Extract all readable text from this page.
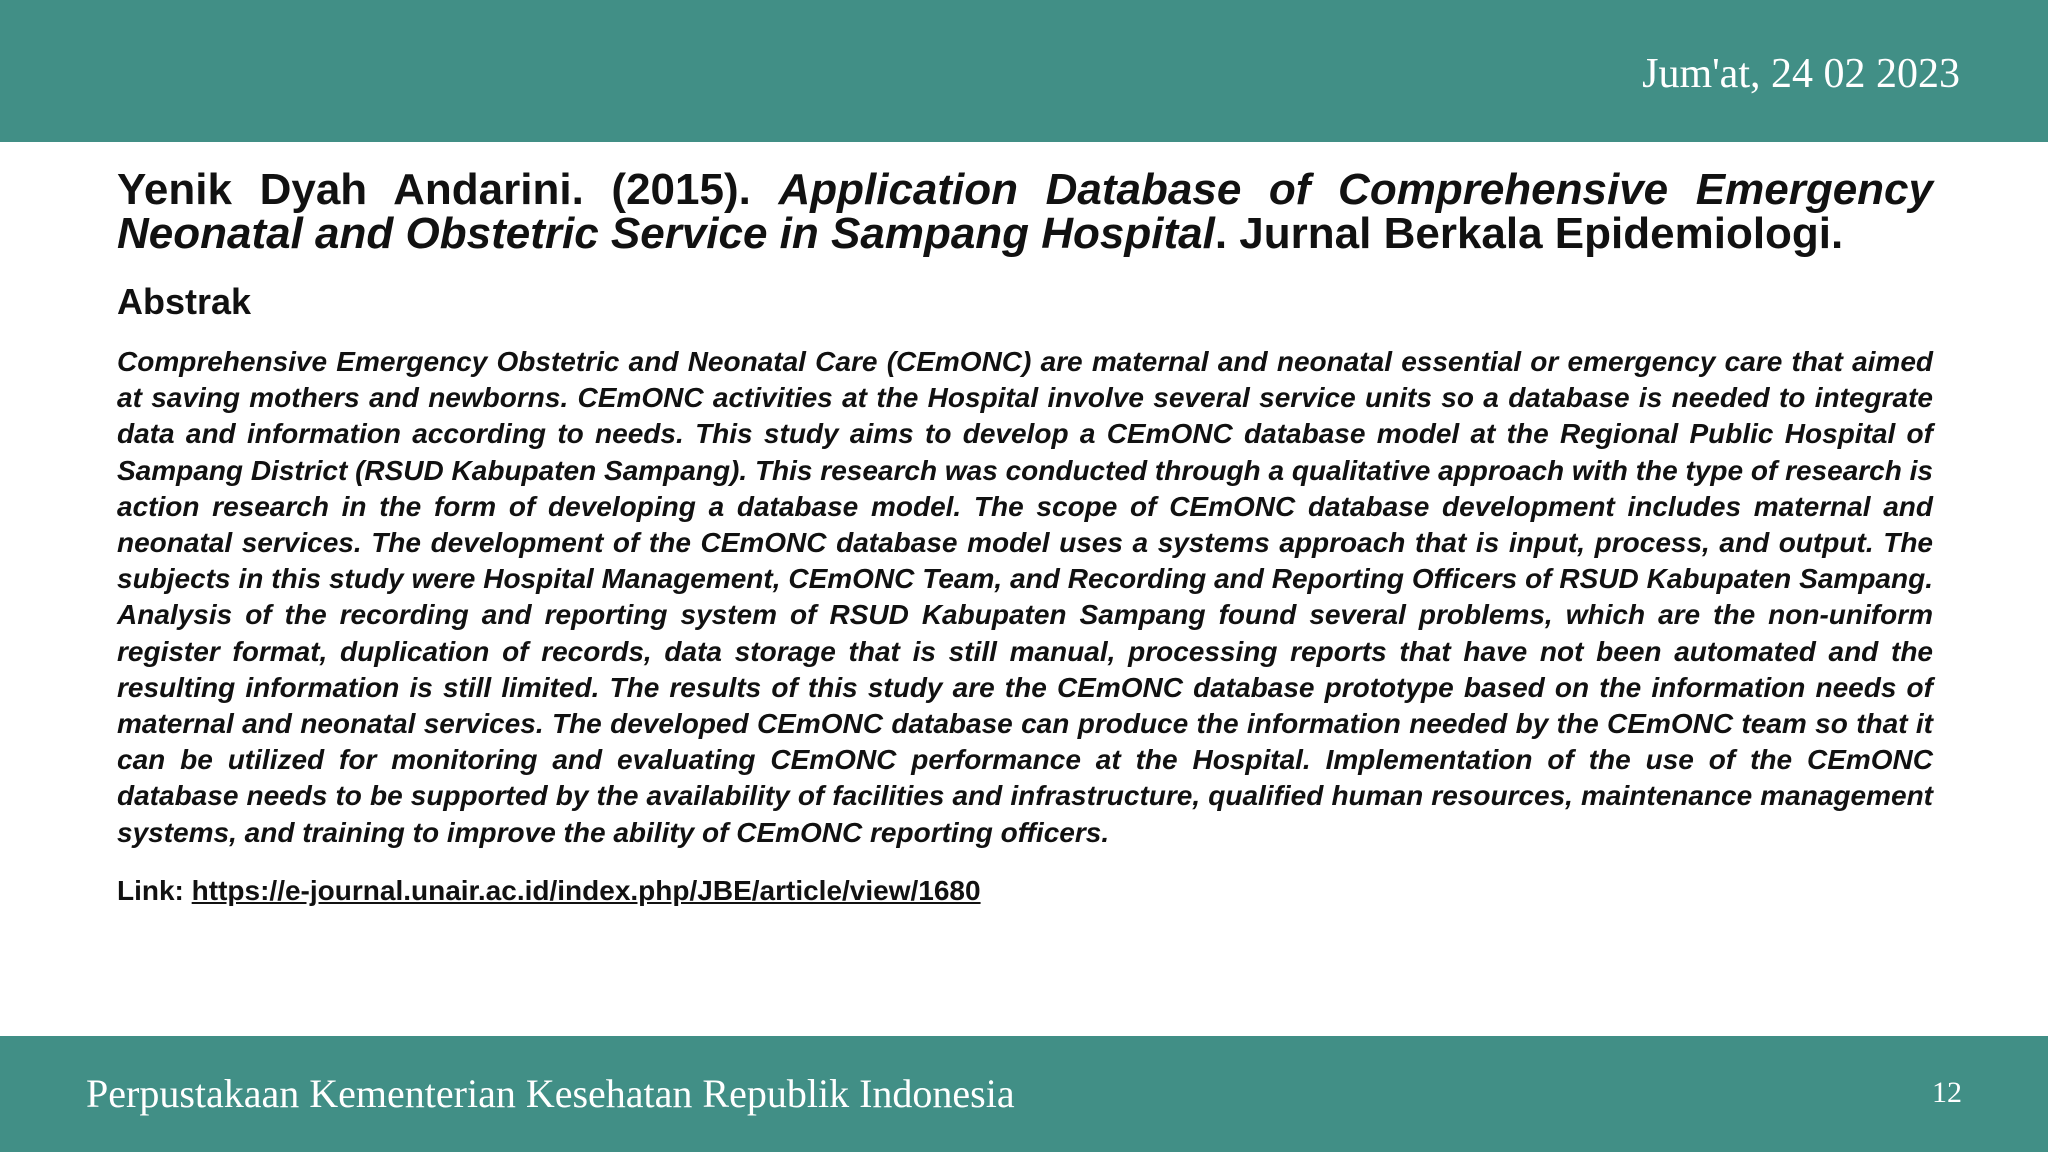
Jum'at, 24 02 2023

Yenik Dyah Andarini. (2015). Application Database of Comprehensive Emergency Neonatal and Obstetric Service in Sampang Hospital. Jurnal Berkala Epidemiologi.

Abstrak

Comprehensive Emergency Obstetric and Neonatal Care (CEmONC) are maternal and neonatal essential or emergency care that aimed at saving mothers and newborns. CEmONC activities at the Hospital involve several service units so a database is needed to integrate data and information according to needs. This study aims to develop a CEmONC database model at the Regional Public Hospital of Sampang District (RSUD Kabupaten Sampang). This research was conducted through a qualitative approach with the type of research is action research in the form of developing a database model. The scope of CEmONC database development includes maternal and neonatal services. The development of the CEmONC database model uses a systems approach that is input, process, and output. The subjects in this study were Hospital Management, CEmONC Team, and Recording and Reporting Officers of RSUD Kabupaten Sampang. Analysis of the recording and reporting system of RSUD Kabupaten Sampang found several problems, which are the non-uniform register format, duplication of records, data storage that is still manual, processing reports that have not been automated and the resulting information is still limited. The results of this study are the CEmONC database prototype based on the information needs of maternal and neonatal services. The developed CEmONC database can produce the information needed by the CEmONC team so that it can be utilized for monitoring and evaluating CEmONC performance at the Hospital. Implementation of the use of the CEmONC database needs to be supported by the availability of facilities and infrastructure, qualified human resources, maintenance management systems, and training to improve the ability of CEmONC reporting officers.

Link: https://e-journal.unair.ac.id/index.php/JBE/article/view/1680
Perpustakaan Kementerian Kesehatan Republik Indonesia	12
